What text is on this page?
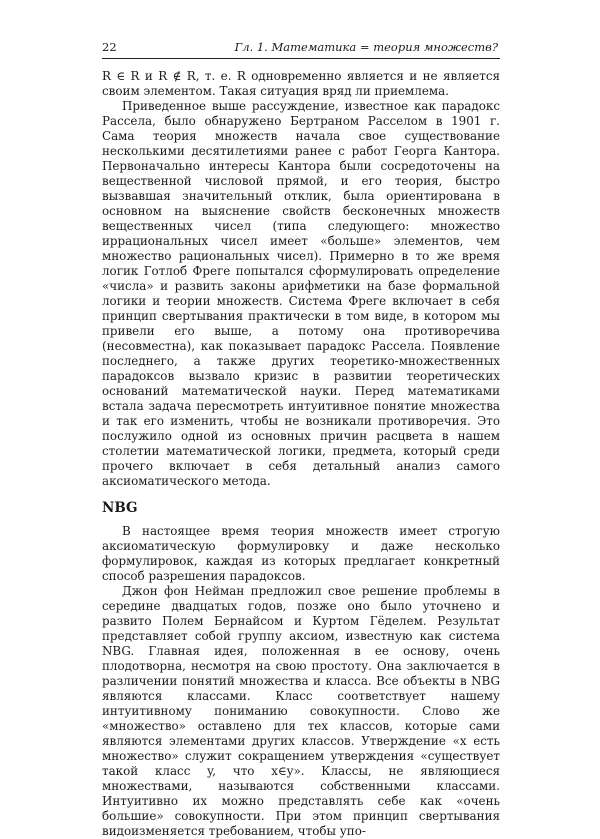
22	Гл. 1. Математика = теория множеств?

R ∈ R и R ∉ R, т. е. R одновременно является и не является своим элементом. Такая ситуация вряд ли приемлема.

Приведенное выше рассуждение, известное как парадокс Рассела, было обнаружено Бертраном Расселом в 1901 г. Сама теория множеств начала свое существование несколькими десятилетиями ранее с работ Георга Кантора. Первоначально интересы Кантора были сосредоточены на вещественной числовой прямой, и его теория, быстро вызвавшая значительный отклик, была ориентирована в основном на выяснение свойств бесконечных множеств вещественных чисел (типа следующего: множество иррациональных чисел имеет «больше» элементов, чем множество рациональных чисел). Примерно в то же время логик Готлоб Фреге попытался сформулировать определение «числа» и развить законы арифметики на базе формальной логики и теории множеств. Система Фреге включает в себя принцип свертывания практически в том виде, в котором мы привели его выше, а потому она противоречива (несовместна), как показывает парадокс Рассела. Появление последнего, а также других теоретико-множественных парадоксов вызвало кризис в развитии теоретических оснований математической науки. Перед математиками встала задача пересмотреть интуитивное понятие множества и так его изменить, чтобы не возникали противоречия. Это послужило одной из основных причин расцвета в нашем столетии математической логики, предмета, который среди прочего включает в себя детальный анализ самого аксиоматического метода.

NBG

В настоящее время теория множеств имеет строгую аксиоматическую формулировку и даже несколько формулировок, каждая из которых предлагает конкретный способ разрешения парадоксов.

Джон фон Нейман предложил свое решение проблемы в середине двадцатых годов, позже оно было уточнено и развито Полем Бернайсом и Куртом Гёделем. Результат представляет собой группу аксиом, известную как система NBG. Главная идея, положенная в ее основу, очень плодотворна, несмотря на свою простоту. Она заключается в различении понятий множества и класса. Все объекты в NBG являются классами. Класс соответствует нашему интуитивному пониманию совокупности. Слово же «множество» оставлено для тех классов, которые сами являются элементами других классов. Утверждение «x есть множество» служит сокращением утверждения «существует такой класс y, что x∈y». Классы, не являющиеся множествами, называются собственными классами. Интуитивно их можно представлять себе как «очень большие» совокупности. При этом принцип свертывания видоизменяется требованием, чтобы упо-
